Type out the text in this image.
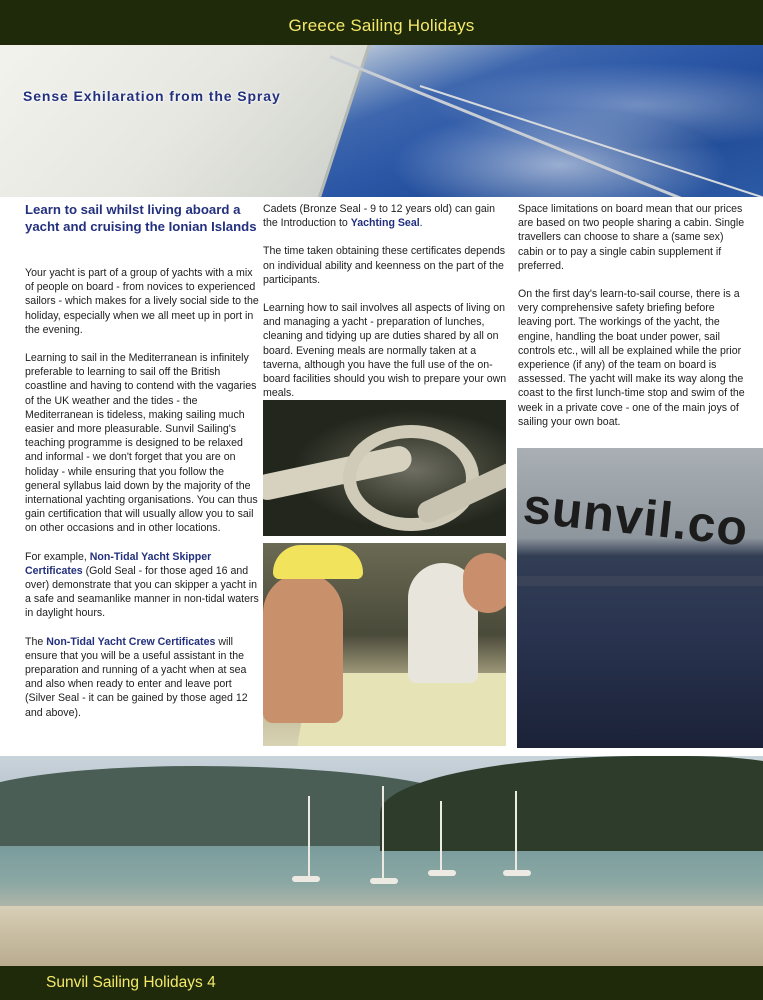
Greece Sailing Holidays
Sense Exhilaration from the Spray
Learn to sail whilst living aboard a yacht and cruising the Ionian Islands

Your yacht is part of a group of yachts with a mix of people on board - from novices to experienced sailors - which makes for a lively social side to the holiday, especially when we all meet up in port in the evening.

Learning to sail in the Mediterranean is infinitely preferable to learning to sail off the British coastline and having to contend with the vagaries of the UK weather and the tides - the Mediterranean is tideless, making sailing much easier and more pleasurable. Sunvil Sailing's teaching programme is designed to be relaxed and informal - we don't forget that you are on holiday - while ensuring that you follow the general syllabus laid down by the majority of the international yachting organisations. You can thus gain certification that will usually allow you to sail on other occasions and in other locations.

For example, Non-Tidal Yacht Skipper Certificates (Gold Seal - for those aged 16 and over) demonstrate that you can skipper a yacht in a safe and seamanlike manner in non-tidal waters in daylight hours.

The Non-Tidal Yacht Crew Certificates will ensure that you will be a useful assistant in the preparation and running of a yacht when at sea and also when ready to enter and leave port (Silver Seal - it can be gained by those aged 12 and above).

Cadets (Bronze Seal - 9 to 12 years old) can gain the Introduction to Yachting Seal.

The time taken obtaining these certificates depends on individual ability and keenness on the part of the participants.

Learning how to sail involves all aspects of living on and managing a yacht - preparation of lunches, cleaning and tidying up are duties shared by all on board. Evening meals are normally taken at a taverna, although you have the full use of the on-board facilities should you wish to prepare your own meals.

Space limitations on board mean that our prices are based on two people sharing a cabin. Single travellers can choose to share a (same sex) cabin or to pay a single cabin supplement if preferred.

On the first day's learn-to-sail course, there is a very comprehensive safety briefing before leaving port. The workings of the yacht, the engine, handling the boat under power, sail controls etc., will all be explained while the prior experience (if any) of the team on board is assessed. The yacht will make its way along the coast to the first lunch-time stop and swim of the week in a private cove - one of the main joys of sailing your own boat.

sunvil.co
Sunvil Sailing Holidays 4
